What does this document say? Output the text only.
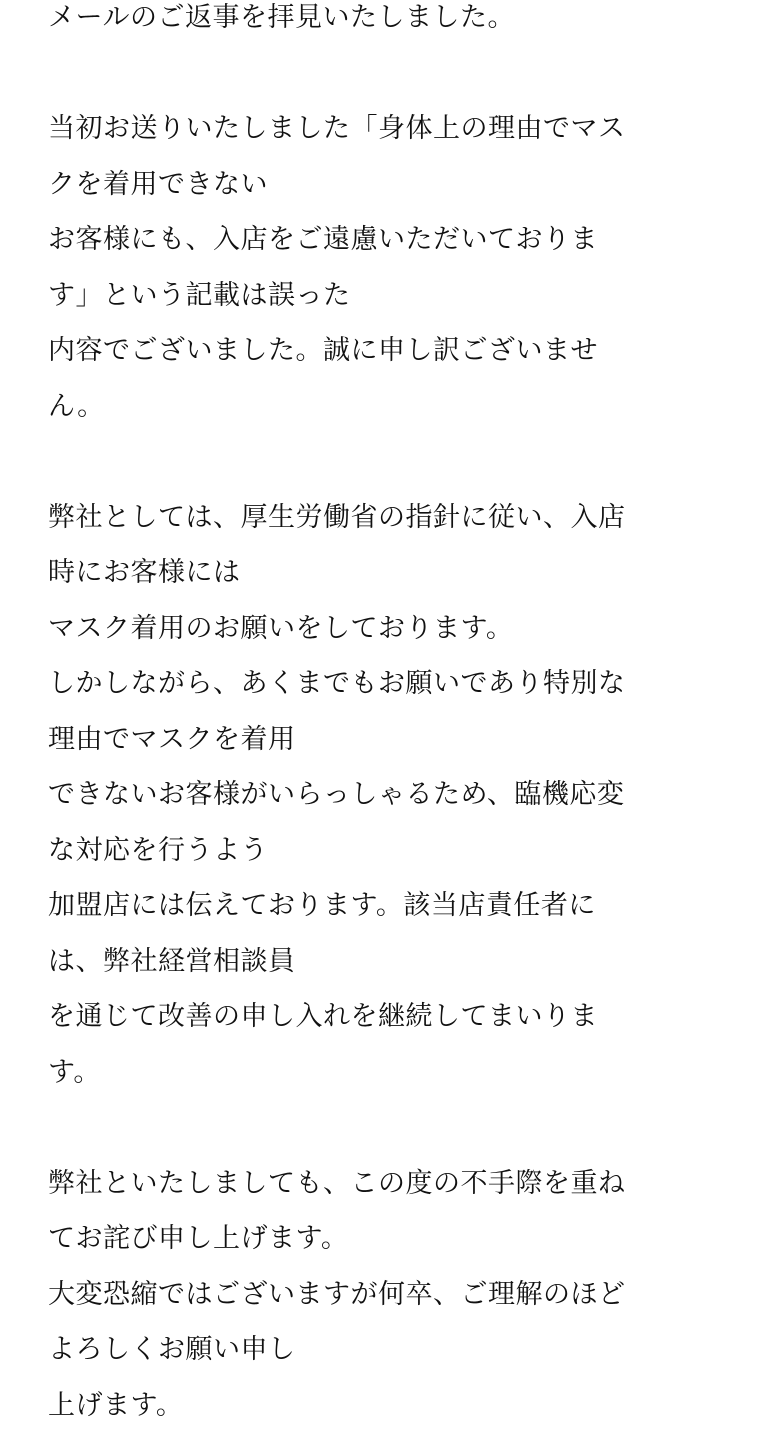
メールのご返事を拝見いたしました。
当初お送りいたしました「身体上の理由でマス
クを着用できない
お客様にも、入店をご遠慮いただいておりま
す」という記載は誤った
内容でございました。誠に申し訳ございませ
ん。
弊社としては、厚生労働省の指針に従い、入店
時にお客様には
マスク着用のお願いをしております。
しかしながら、あくまでもお願いであり特別な
理由でマスクを着用
できないお客様がいらっしゃるため、臨機応変
な対応を行うよう
加盟店には伝えております。該当店責任者に
は、弊社経営相談員
を通じて改善の申し入れを継続してまいりま
す。
弊社といたしましても、この度の不手際を重ね
てお詫び申し上げます。
大変恐縮ではございますが何卒、ご理解のほど
よろしくお願い申し
上げます。
